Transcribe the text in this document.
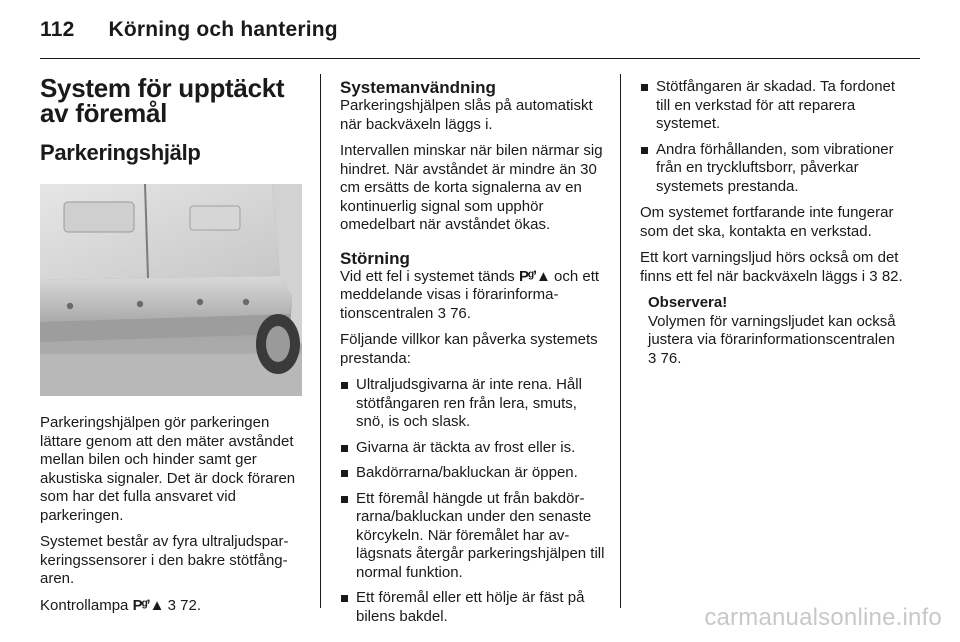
112 Körning och hantering
System för upptäckt av föremål
Parkeringshjälp

Parkeringshjälpen gör parkeringen lättare genom att den mäter avståndet mellan bilen och hinder samt ger akustiska signaler. Det är dock föraren som har det fulla ansvaret vid parkeringen.

Systemet består av fyra ultraljudsparkeringssensorer i den bakre stötfångaren.

Kontrollampa Pᵍʼ▲ 3 72.

Systemanvändning

Parkeringshjälpen slås på automatiskt när backväxeln läggs i.

Intervallen minskar när bilen närmar sig hindret. När avståndet är mindre än 30 cm ersätts de korta signalerna av en kontinuerlig signal som upphör omedelbart när avståndet ökas.

Störning

Vid ett fel i systemet tänds Pᵍʼ▲ och ett meddelande visas i förarinformationscentralen 3 76.

Följande villkor kan påverka systemets prestanda:

Ultraljudsgivarna är inte rena. Håll stötfångaren ren från lera, smuts, snö, is och slask.
Givarna är täckta av frost eller is.
Bakdörrarna/bakluckan är öppen.
Ett föremål hängde ut från bakdörrarna/bakluckan under den senaste körcykeln. När föremålet har avlägsnats återgår parkeringshjälpen till normal funktion.
Ett föremål eller ett hölje är fäst på bilens bakdel.
Stötfångaren är skadad. Ta fordonet till en verkstad för att reparera systemet.
Andra förhållanden, som vibrationer från en tryckluftsborr, påverkar systemets prestanda.

Om systemet fortfarande inte fungerar som det ska, kontakta en verkstad.

Ett kort varningsljud hörs också om det finns ett fel när backväxeln läggs i 3 82.

Observera!
Volymen för varningsljudet kan också justera via förarinformationscentralen 3 76.
carmanualsonline.info
